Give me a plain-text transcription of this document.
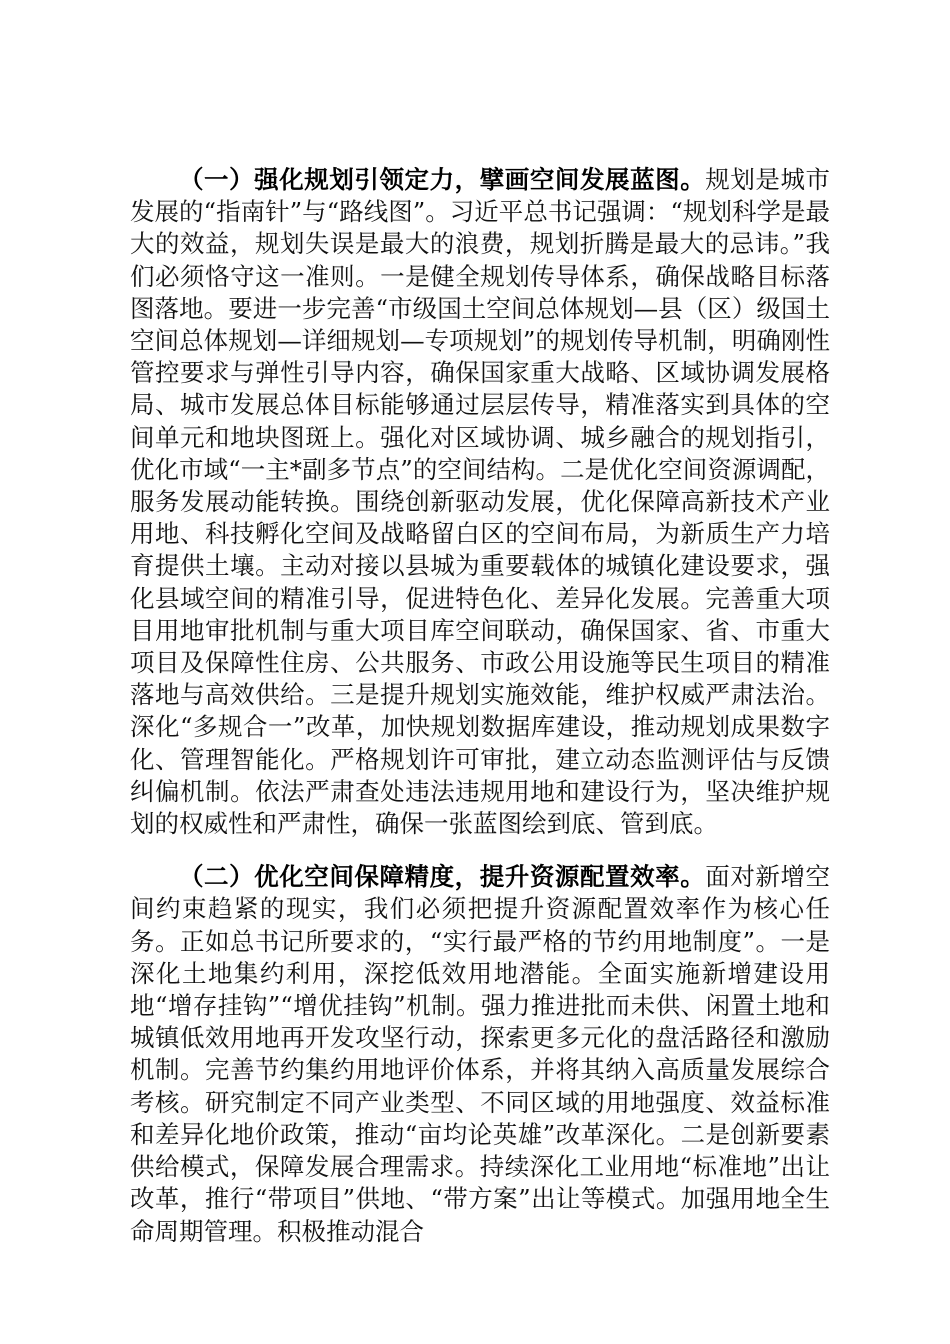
（一）强化规划引领定力，擘画空间发展蓝图。规划是城市发展的“指南针”与“路线图”。习近平总书记强调：“规划科学是最大的效益，规划失误是最大的浪费，规划折腾是最大的忌讳。”我们必须恪守这一准则。一是健全规划传导体系，确保战略目标落图落地。要进一步完善“市级国土空间总体规划—县（区）级国土空间总体规划—详细规划—专项规划”的规划传导机制，明确刚性管控要求与弹性引导内容，确保国家重大战略、区域协调发展格局、城市发展总体目标能够通过层层传导，精准落实到具体的空间单元和地块图斑上。强化对区域协调、城乡融合的规划指引，优化市域“一主*副多节点”的空间结构。二是优化空间资源调配，服务发展动能转换。围绕创新驱动发展，优化保障高新技术产业用地、科技孵化空间及战略留白区的空间布局，为新质生产力培育提供土壤。主动对接以县城为重要载体的城镇化建设要求，强化县域空间的精准引导，促进特色化、差异化发展。完善重大项目用地审批机制与重大项目库空间联动，确保国家、省、市重大项目及保障性住房、公共服务、市政公用设施等民生项目的精准落地与高效供给。三是提升规划实施效能，维护权威严肃法治。深化“多规合一”改革，加快规划数据库建设，推动规划成果数字化、管理智能化。严格规划许可审批，建立动态监测评估与反馈纠偏机制。依法严肃查处违法违规用地和建设行为，坚决维护规划的权威性和严肃性，确保一张蓝图绘到底、管到底。

（二）优化空间保障精度，提升资源配置效率。面对新增空间约束趋紧的现实，我们必须把提升资源配置效率作为核心任务。正如总书记所要求的，“实行最严格的节约用地制度”。一是深化土地集约利用，深挖低效用地潜能。全面实施新增建设用地“增存挂钩”“增优挂钩”机制。强力推进批而未供、闲置土地和城镇低效用地再开发攻坚行动，探索更多元化的盘活路径和激励机制。完善节约集约用地评价体系，并将其纳入高质量发展综合考核。研究制定不同产业类型、不同区域的用地强度、效益标准和差异化地价政策，推动“亩均论英雄”改革深化。二是创新要素供给模式，保障发展合理需求。持续深化工业用地“标准地”出让改革，推行“带项目”供地、“带方案”出让等模式。加强用地全生命周期管理。积极推动混合
